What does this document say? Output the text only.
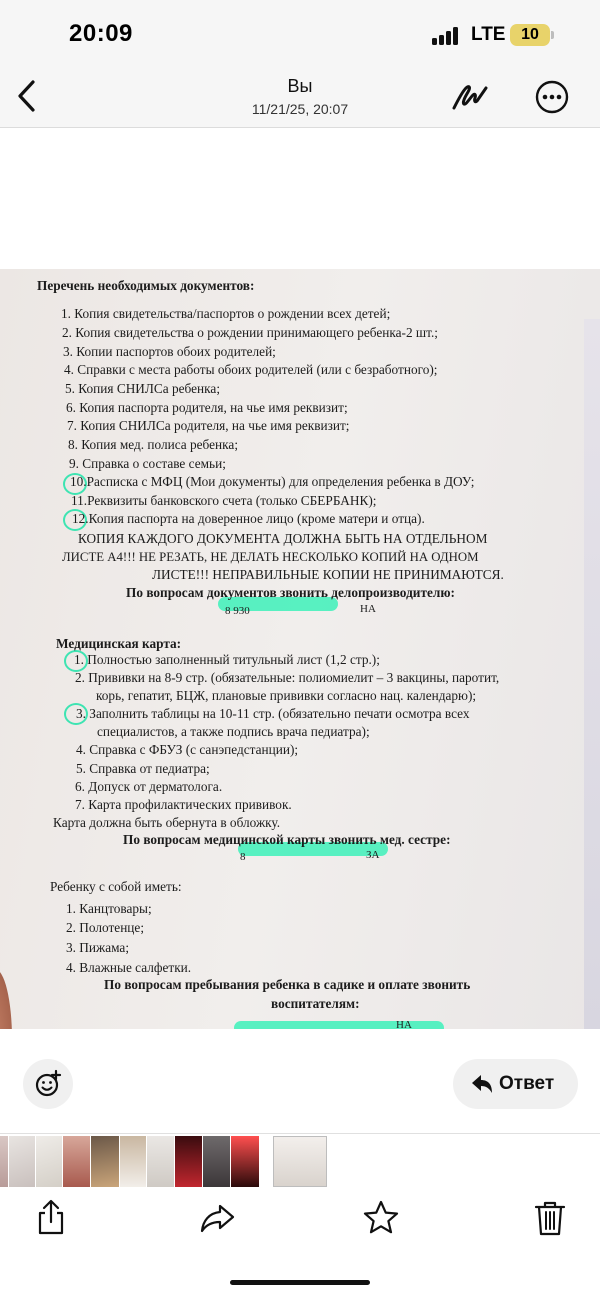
20:09	LTE 10
Вы
11/21/25, 20:07
Перечень необходимых документов:
1. Копия свидетельства/паспортов о рождении всех детей;
2. Копия свидетельства о рождении принимающего ребенка-2 шт.;
3. Копии паспортов обоих родителей;
4. Справки с места работы обоих родителей (или с безработного);
5. Копия СНИЛСа ребенка;
6. Копия паспорта родителя, на чье имя реквизит;
7. Копия СНИЛСа родителя, на чье имя реквизит;
8. Копия мед. полиса ребенка;
9. Справка о составе семьи;
10.Расписка с МФЦ (Мои документы) для определения ребенка в ДОУ;
11.Реквизиты банковского счета (только СБЕРБАНК);
12.Копия паспорта на доверенное лицо (кроме матери и отца).
КОПИЯ КАЖДОГО ДОКУМЕНТА ДОЛЖНА БЫТЬ НА ОТДЕЛЬНОМ
ЛИСТЕ А4!!! НЕ РЕЗАТЬ, НЕ ДЕЛАТЬ НЕСКОЛЬКО КОПИЙ НА ОДНОМ
ЛИСТЕ!!! НЕПРАВИЛЬНЫЕ КОПИИ НЕ ПРИНИМАЮТСЯ.
По вопросам документов звонить делопроизводителю:
8 930	НА
Медицинская карта:
1. Полностью заполненный титульный лист (1,2 стр.);
2. Прививки на 8-9 стр. (обязательные: полиомиелит – 3 вакцины, паротит,
корь, гепатит, БЦЖ, плановые прививки согласно нац. календарю);
3. Заполнить таблицы на 10-11 стр. (обязательно печати осмотра всех
специалистов, а также подпись врача педиатра);
4. Справка с ФБУЗ (с санэпедстанции);
5. Справка от педиатра;
6. Допуск от дерматолога.
7. Карта профилактических прививок.
Карта должна быть обернута в обложку.
По вопросам медицинской карты звонить мед. сестре:
8	ЗА
Ребенку с собой иметь:
1. Канцтовары;
2. Полотенце;
3. Пижама;
4. Влажные салфетки.
По вопросам пребывания ребенка в садике и оплате звонить
воспитателям:
НА
Ответ
